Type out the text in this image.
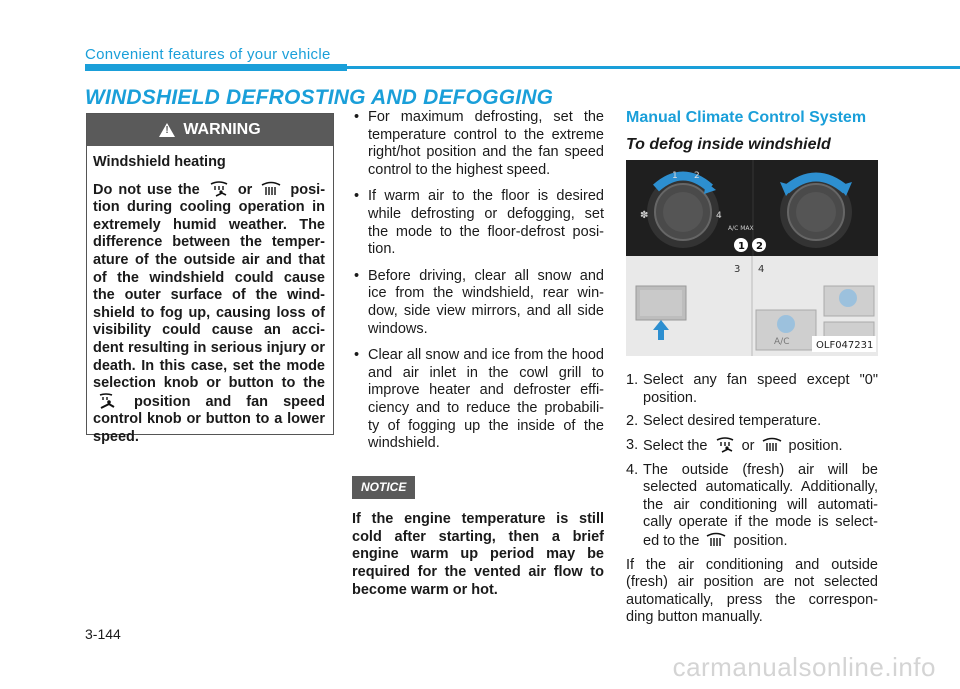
Convenient features of your vehicle
WINDSHIELD DEFROSTING AND DEFOGGING
! WARNING
Windshield heating
Do not use the	or	posi- tion during cooling operation in extremely humid weather. The difference between the temper- ature of the outside air and that of the windshield could cause the outer surface of the wind- shield to fog up, causing loss of visibility could cause an acci- dent resulting in serious injury or death. In this case, set the mode selection knob or button to the  position and fan speed control knob or button to a lower speed.
• For maximum defrosting, set the temperature control to the extreme right/hot position and the fan speed control to the highest speed.
• If warm air to the floor is desired while defrosting or defogging, set the mode to the floor-defrost posi- tion.
• Before driving, clear all snow and ice from the windshield, rear win- dow, side view mirrors, and all side windows.
• Clear all snow and ice from the hood and air inlet in the cowl grill to improve heater and defroster effi- ciency and to reduce the probabili- ty of fogging up the inside of the windshield.
NOTICE
If the engine temperature is still cold after starting, then a brief engine warm up period may be required for the vented air flow to become warm or hot.
Manual Climate Control System
To defog inside windshield
✽
1 2
4
A/C MAX
1 2
3 4
A/C	OLF047231
1. Select any fan speed except "0" position.
2. Select desired temperature.
3. Select the or position.
4. The outside (fresh) air will be selected automatically. Additionally, the air conditioning will automati- cally operate if the mode is select- ed to the position.
If the air conditioning and outside (fresh) air position are not selected automatically, press the correspon- ding button manually.
3-144
carmanualsonline.info
